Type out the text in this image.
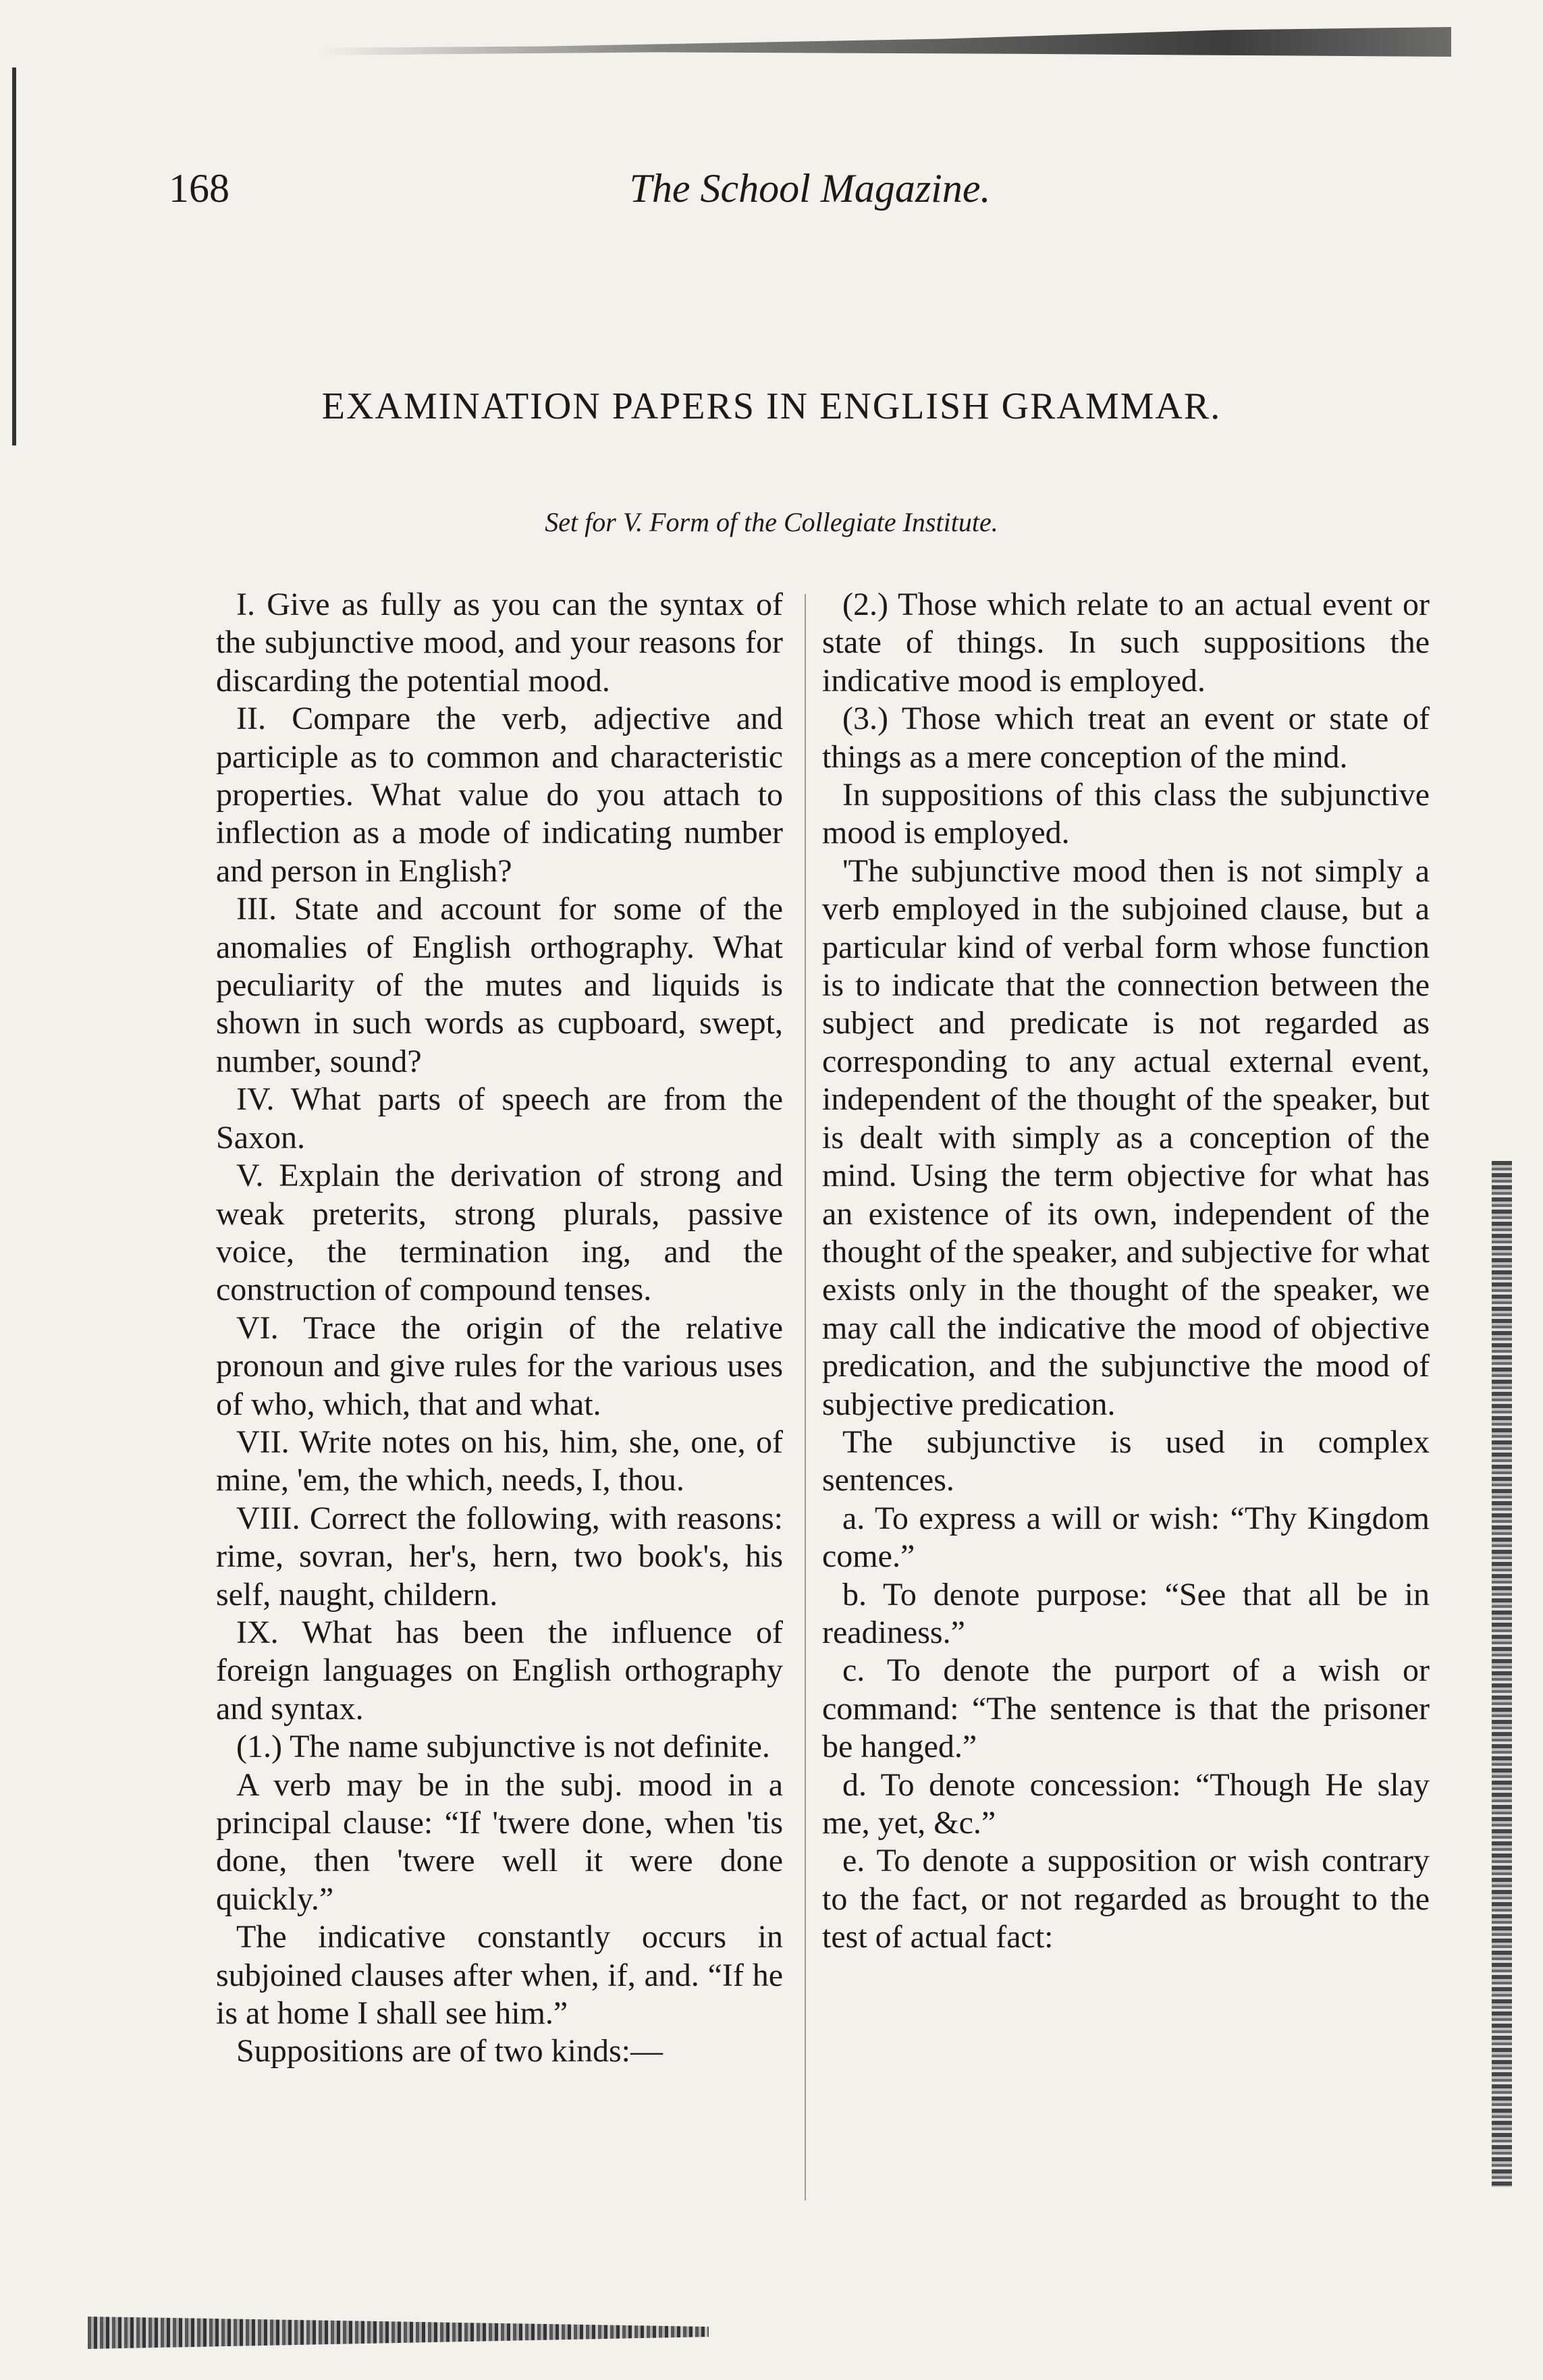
168	The School Magazine.
EXAMINATION PAPERS IN ENGLISH GRAMMAR.
Set for V. Form of the Collegiate Institute.

I. Give as fully as you can the syntax of the subjunctive mood, and your reasons for discarding the potential mood.

II. Compare the verb, adjective and participle as to common and characteristic properties. What value do you attach to inflection as a mode of indicating number and person in English?

III. State and account for some of the anomalies of English orthography. What peculiarity of the mutes and liquids is shown in such words as cupboard, swept, number, sound?

IV. What parts of speech are from the Saxon.

V. Explain the derivation of strong and weak preterits, strong plurals, passive voice, the termination ing, and the construction of compound tenses.

VI. Trace the origin of the relative pronoun and give rules for the various uses of who, which, that and what.

VII. Write notes on his, him, she, one, of mine, 'em, the which, needs, I, thou.

VIII. Correct the following, with reasons: rime, sovran, her's, hern, two book's, his self, naught, childern.

IX. What has been the influence of foreign languages on English orthography and syntax.

(1.) The name subjunctive is not definite.

A verb may be in the subj. mood in a principal clause: “If 'twere done, when 'tis done, then 'twere well it were done quickly.”

The indicative constantly occurs in subjoined clauses after when, if, and. “If he is at home I shall see him.”

Suppositions are of two kinds:—

(2.) Those which relate to an actual event or state of things. In such suppositions the indicative mood is employed.

(3.) Those which treat an event or state of things as a mere conception of the mind.

In suppositions of this class the subjunctive mood is employed.

'The subjunctive mood then is not simply a verb employed in the subjoined clause, but a particular kind of verbal form whose function is to indicate that the connection between the subject and predicate is not regarded as corresponding to any actual external event, independent of the thought of the speaker, but is dealt with simply as a conception of the mind. Using the term objective for what has an existence of its own, independent of the thought of the speaker, and subjective for what exists only in the thought of the speaker, we may call the indicative the mood of objective predication, and the subjunctive the mood of subjective predication.

The subjunctive is used in complex sentences.

a. To express a will or wish: “Thy Kingdom come.”

b. To denote purpose: “See that all be in readiness.”

c. To denote the purport of a wish or command: “The sentence is that the prisoner be hanged.”

d. To denote concession: “Though He slay me, yet, &c.”

e. To denote a supposition or wish contrary to the fact, or not regarded as brought to the test of actual fact:
